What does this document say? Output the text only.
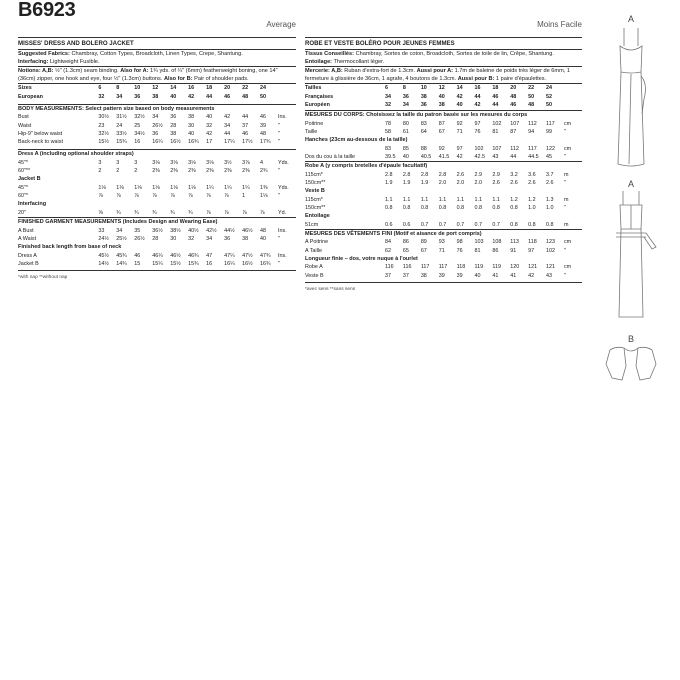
B6923
Average
MISSES' DRESS AND BOLERO JACKET

Suggested Fabrics: Chambray, Cotton Types, Broadcloth, Linen Types, Crepe, Shantung.

Interfacing: Lightweight Fusible.

Notions: A,B: ½" (1.3cm) seam binding. Also for A: 1¾ yds. of ¼" (6mm) featherweight boning, one 14" (36cm) zipper, one hook and eye, four ½" (1.3cm) buttons. Also for B: Pair of shoulder pads.

Sizes	6	8	10	12	14	16	18	20	22	24	
European	32	34	36	38	40	42	44	46	48	50	
BODY MEASUREMENTS: Select pattern size based on body measurements
Bust	30½	31½	32½	34	36	38	40	42	44	46	Ins.
Waist	23	24	25	26½	28	30	32	34	37	39	"
Hip-9" below waist	32½	33½	34½	36	38	40	42	44	46	48	"
Back-neck to waist	15½	15¾	16	16¼	16½	16¾	17	17¼	17½	17¾	"
Dress A (including optional shoulder straps)
45"*	3	3	3	3⅛	3⅛	3⅛	3⅛	3½	3⅞	4	Yds.
60"**	2	2	2	2⅜	2⅜	2⅜	2⅜	2⅜	2⅜	2¾	"
Jacket B
45"*	1⅛	1⅛	1⅛	1⅛	1⅛	1⅛	1¼	1¼	1¼	1⅜	Yds.
60"*	⅞	⅞	⅞	⅞	⅞	⅞	⅞	⅞	1	1⅛	"
Interfacing
20"	⅝	¾	¾	¾	¾	¾	⅞	⅞	⅞	⅞	Yd.
FINISHED GARMENT MEASUREMENTS (Includes Design and Wearing Ease)
A Bust	33	34	35	36½	38½	40½	42½	44½	46½	48	Ins.
A Waist	24½	25½	26½	28	30	32	34	36	38	40	"
Finished back length from base of neck
Dress A	45½	45¾	46	46¼	46½	46¾	47	47¼	47½	47¾	Ins.
Jacket B	14½	14¾	15	15¼	15½	15¾	16	16¼	16½	16¾	"
*with nap **without nap
Moins Facile
ROBE ET VESTE BOLÉRO POUR JEUNES FEMMES

Tissus Conseillés: Chambray, Sortes de coton, Broadcloth, Sortes de toile de lin, Crêpe, Shantung.

Entoilage: Thermocollant léger.

Mercerie: A,B: Ruban d'extra-fort de 1.3cm. Aussi pour A: 1.7m de baleine de poids très léger de 6mm, 1 fermeture à glissière de 36cm, 1 agrafe, 4 boutons de 1.3cm. Aussi pour B: 1 paire d'épaulettes.

Tailles	6	8	10	12	14	16	18	20	22	24	
Françaises	34	36	38	40	42	44	46	48	50	52	
Européen	32	34	36	38	40	42	44	46	48	50	
MESURES DU CORPS: Choisissez la taille du patron basée sur les mesures du corps
Poitrine	78	80	83	87	92	97	102	107	112	117	cm
Taille	58	61	64	67	71	76	81	87	94	99	"
Hanches (23cm au-dessous de la taille)
	83	85	88	92	97	102	107	112	117	122	cm
Dos du cou à la taille	39.5	40	40.5	41.5	42	42.5	43	44	44.5	45	"
Robe A (y compris bretelles d'épaule facultatif)
115cm*	2.8	2.8	2.8	2.8	2.6	2.9	2.9	3.2	3.6	3.7	m
150cm**	1.9	1.9	1.9	2.0	2.0	2.0	2.6	2.6	2.6	2.6	"
Veste B
115cm*	1.1	1.1	1.1	1.1	1.1	1.1	1.1	1.2	1.2	1.3	m
150cm**	0.8	0.8	0.8	0.8	0.8	0.8	0.8	0.8	1.0	1.0	"
Entoilage
51cm	0.6	0.6	0.7	0.7	0.7	0.7	0.7	0.8	0.8	0.8	m
MESURES DES VÊTEMENTS FINI (Motif et aisance de port compris)
A Poitrine	84	86	89	93	98	103	108	113	118	123	cm
A Taille	62	65	67	71	76	81	86	91	97	102	"
Longueur finie – dos, votre nuque à l'ourlet
Robe A	116	116	117	117	118	119	119	120	121	121	cm
Veste B	37	37	38	39	39	40	41	41	42	43	"
*avec sens **sans sens
A
A
B
